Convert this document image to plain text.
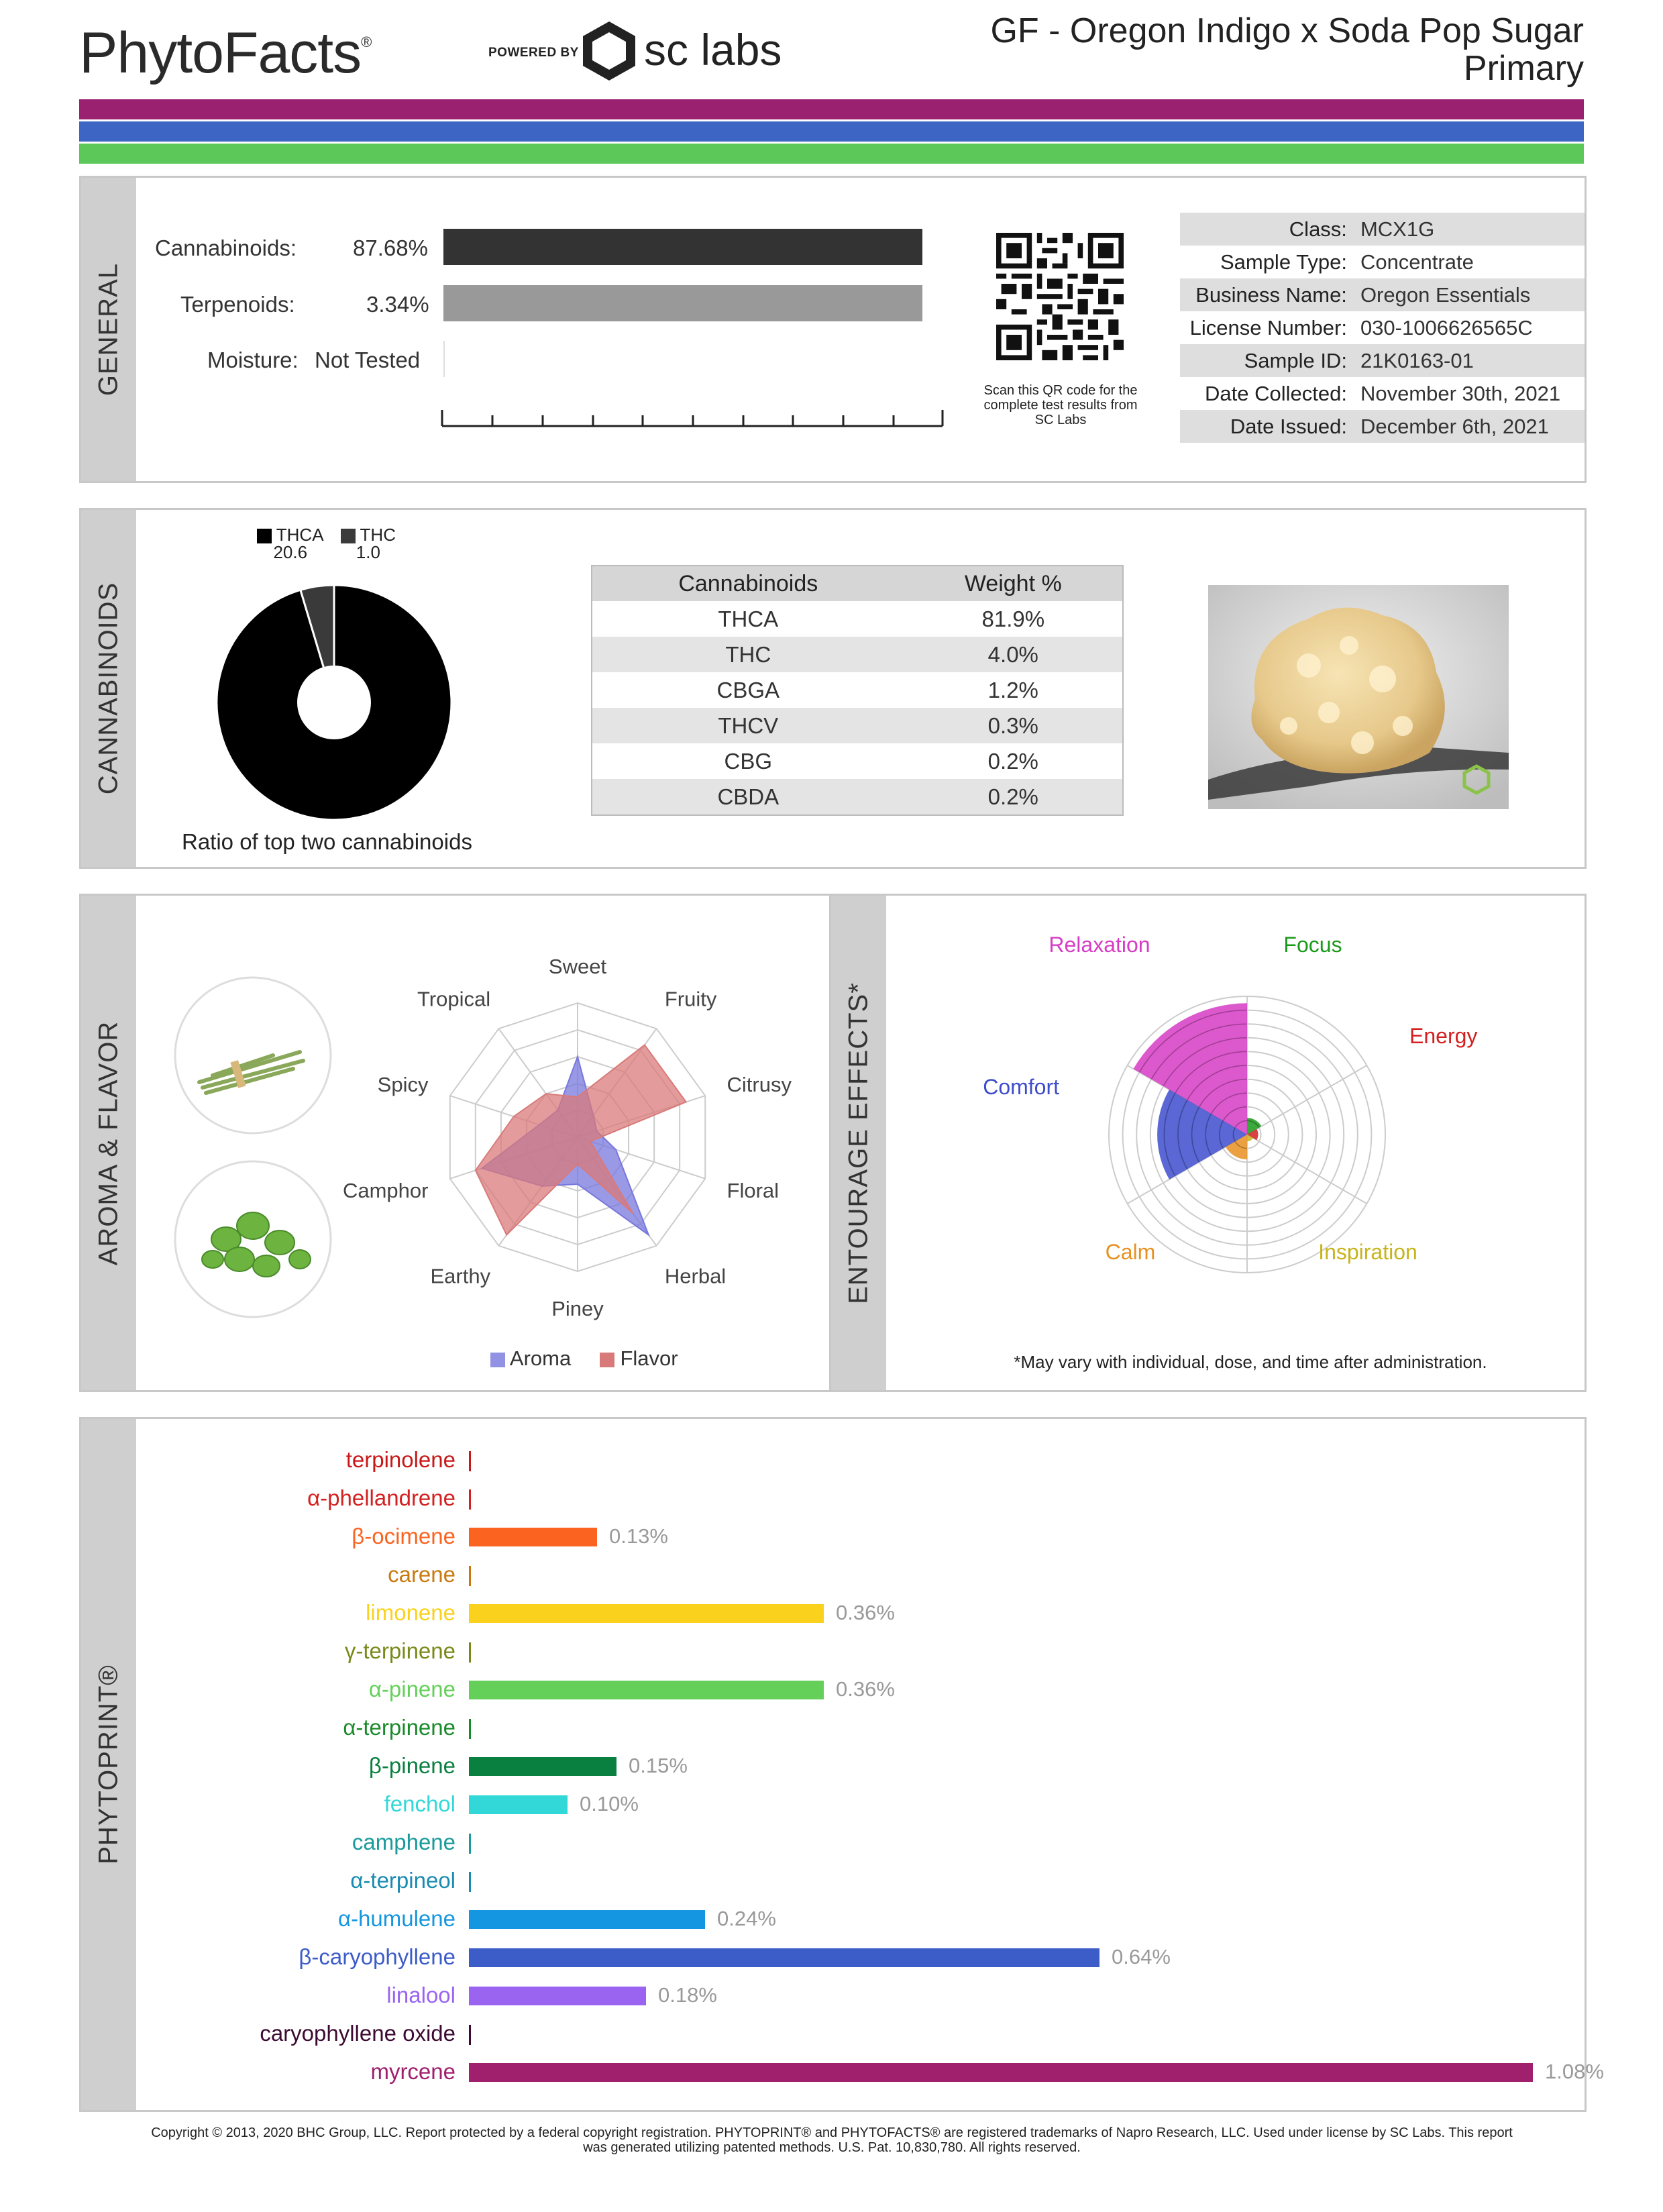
PhytoFacts®
POWERED BY sc labs	GF - Oregon Indigo x Soda Pop Sugar
Primary
GENERAL
Cannabinoids:	87.68%
Terpenoids:	3.34%
Moisture: Not Tested
Scan this QR code for the complete test results from SC Labs
Class:	MCX1G
Sample Type:	Concentrate
Business Name:	Oregon Essentials
License Number:	030-1006626565C
Sample ID:	21K0163-01
Date Collected:	November 30th, 2021
Date Issued:	December 6th, 2021
CANNABINOIDS
THCA
20.6  THC
1.0
Ratio of top two cannabinoids
Cannabinoids	Weight %
THCA	81.9%
THC	4.0%
CBGA	1.2%
THCV	0.3%
CBG	0.2%
CBDA	0.2%
AROMA & FLAVOR
Sweet
Fruity
Citrusy
Floral
Herbal
Piney
Earthy
Camphor
Spicy
Tropical
Aroma Flavor
ENTOURAGE EFFECTS*
Relaxation	Focus
Energy
Inspiration
Calm
Comfort
*May vary with individual, dose, and time after administration.
PHYTOPRINT®
terpinolene
α-phellandrene
β-ocimene	0.13%
carene
limonene	0.36%
γ-terpinene
α-pinene	0.36%
α-terpinene
β-pinene	0.15%
fenchol	0.10%
camphene
α-terpineol
α-humulene	0.24%
β-caryophyllene	0.64%
linalool	0.18%
caryophyllene oxide
myrcene	1.08%
Copyright © 2013, 2020 BHC Group, LLC. Report protected by a federal copyright registration. PHYTOPRINT® and PHYTOFACTS® are registered trademarks of Napro Research, LLC. Used under license by SC Labs. This report
was generated utilizing patented methods. U.S. Pat. 10,830,780. All rights reserved.
